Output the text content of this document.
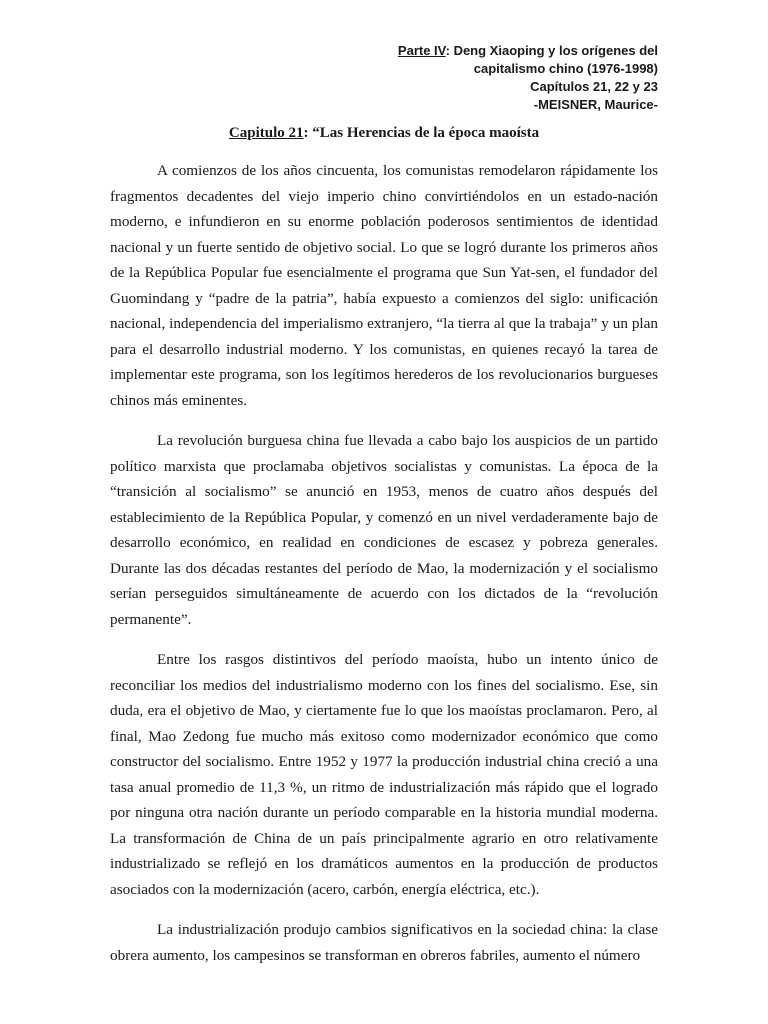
Parte IV: Deng Xiaoping y los orígenes del
capitalismo chino (1976-1998)
Capítulos 21, 22 y 23
-MEISNER, Maurice-
Capitulo 21: “Las Herencias de la época maoísta

A comienzos de los años cincuenta, los comunistas remodelaron rápidamente los fragmentos decadentes del viejo imperio chino convirtiéndolos en un estado-nación moderno, e infundieron en su enorme población poderosos sentimientos de identidad nacional y un fuerte sentido de objetivo social. Lo que se logró durante los primeros años de la República Popular fue esencialmente el programa que Sun Yat-sen, el fundador del Guomindang y “padre de la patria”, había expuesto a comienzos del siglo: unificación nacional, independencia del imperialismo extranjero, “la tierra al que la trabaja” y un plan para el desarrollo industrial moderno. Y los comunistas, en quienes recayó la tarea de implementar este programa, son los legítimos herederos de los revolucionarios burgueses chinos más eminentes.

La revolución burguesa china fue llevada a cabo bajo los auspicios de un partido político marxista que proclamaba objetivos socialistas y comunistas. La época de la “transición al socialismo” se anunció en 1953, menos de cuatro años después del establecimiento de la República Popular, y comenzó en un nivel verdaderamente bajo de desarrollo económico, en realidad en condiciones de escasez y pobreza generales. Durante las dos décadas restantes del período de Mao, la modernización y el socialismo serían perseguidos simultáneamente de acuerdo con los dictados de la “revolución permanente”.

Entre los rasgos distintivos del período maoísta, hubo un intento único de reconciliar los medios del industrialismo moderno con los fines del socialismo. Ese, sin duda, era el objetivo de Mao, y ciertamente fue lo que los maoístas proclamaron. Pero, al final, Mao Zedong fue mucho más exitoso como modernizador económico que como constructor del socialismo. Entre 1952 y 1977 la producción industrial china creció a una tasa anual promedio de 11,3 %, un ritmo de industrialización más rápido que el logrado por ninguna otra nación durante un período comparable en la historia mundial moderna. La transformación de China de un país principalmente agrario en otro relativamente industrializado se reflejó en los dramáticos aumentos en la producción de productos asociados con la modernización (acero, carbón, energía eléctrica, etc.).

La industrialización produjo cambios significativos en la sociedad china: la clase obrera aumento, los campesinos se transforman en obreros fabriles, aumento el número
